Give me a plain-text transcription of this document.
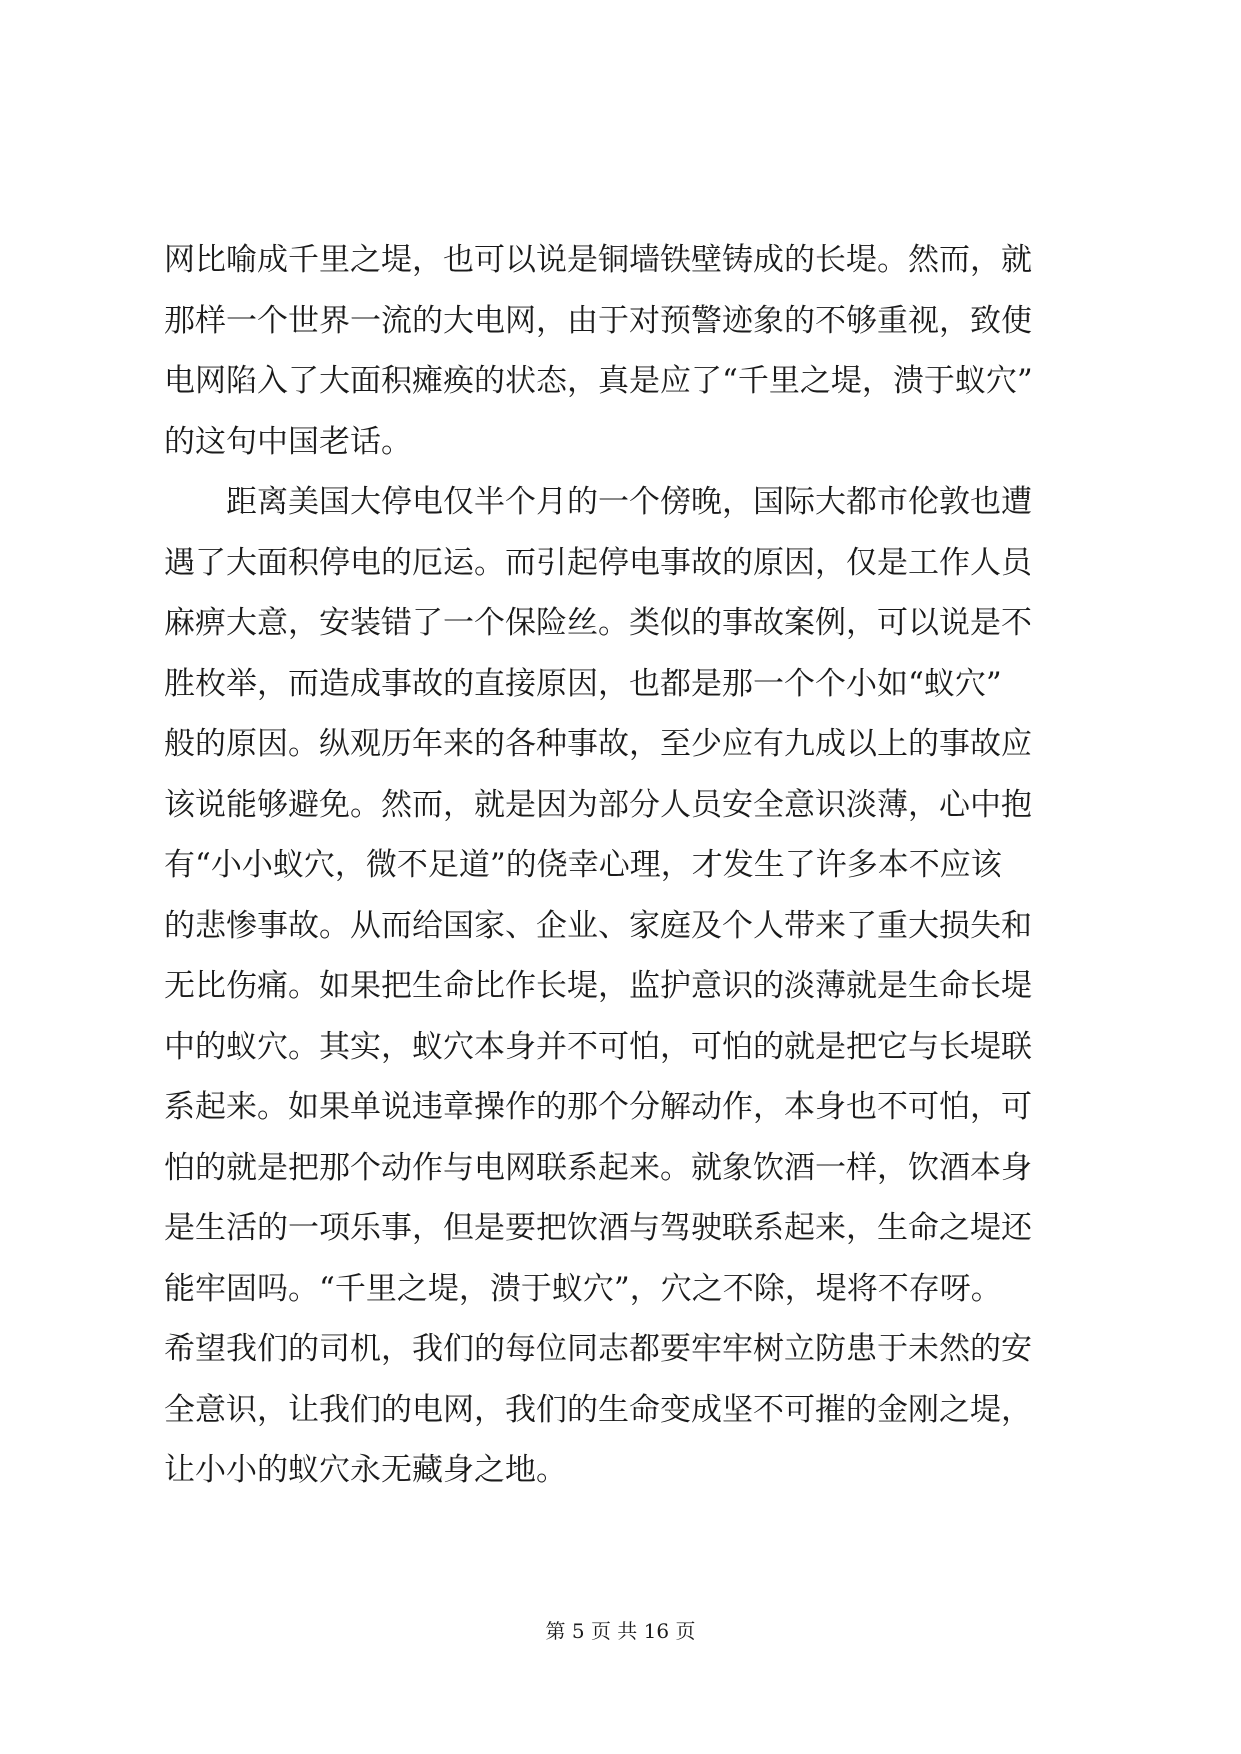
网比喻成千里之堤，也可以说是铜墙铁壁铸成的长堤。然而，就
那样一个世界一流的大电网，由于对预警迹象的不够重视，致使
电网陷入了大面积瘫痪的状态，真是应了“千里之堤，溃于蚁穴”
的这句中国老话。
距离美国大停电仅半个月的一个傍晚，国际大都市伦敦也遭
遇了大面积停电的厄运。而引起停电事故的原因，仅是工作人员
麻痹大意，安装错了一个保险丝。类似的事故案例，可以说是不
胜枚举，而造成事故的直接原因，也都是那一个个小如“蚁穴”
般的原因。纵观历年来的各种事故，至少应有九成以上的事故应
该说能够避免。然而，就是因为部分人员安全意识淡薄，心中抱
有“小小蚁穴，微不足道”的侥幸心理，才发生了许多本不应该
的悲惨事故。从而给国家、企业、家庭及个人带来了重大损失和
无比伤痛。如果把生命比作长堤，监护意识的淡薄就是生命长堤
中的蚁穴。其实，蚁穴本身并不可怕，可怕的就是把它与长堤联
系起来。如果单说违章操作的那个分解动作，本身也不可怕，可
怕的就是把那个动作与电网联系起来。就象饮酒一样，饮酒本身
是生活的一项乐事，但是要把饮酒与驾驶联系起来，生命之堤还
能牢固吗。“千里之堤，溃于蚁穴”，穴之不除，堤将不存呀。
希望我们的司机，我们的每位同志都要牢牢树立防患于未然的安
全意识，让我们的电网，我们的生命变成坚不可摧的金刚之堤，
让小小的蚁穴永无藏身之地。
第 5 页 共 16 页
